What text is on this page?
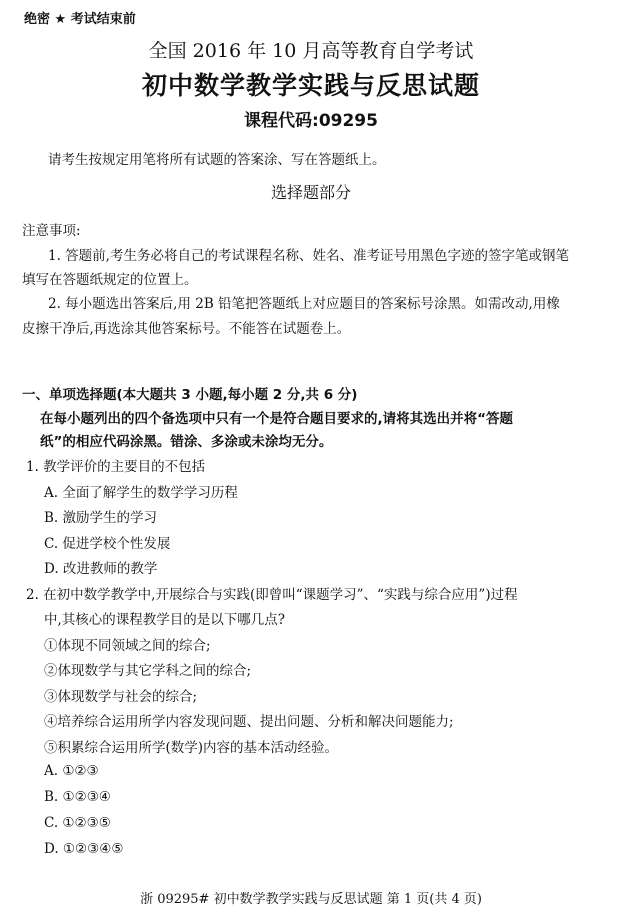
绝密 ★ 考试结束前
全国 2016 年 10 月高等教育自学考试
初中数学教学实践与反思试题
课程代码:09295
请考生按规定用笔将所有试题的答案涂、写在答题纸上。
选择题部分
注意事项:
1. 答题前,考生务必将自己的考试课程名称、姓名、准考证号用黑色字迹的签字笔或钢笔
填写在答题纸规定的位置上。
2. 每小题选出答案后,用 2B 铅笔把答题纸上对应题目的答案标号涂黑。如需改动,用橡
皮擦干净后,再选涂其他答案标号。不能答在试题卷上。
一、单项选择题(本大题共 3 小题,每小题 2 分,共 6 分)
在每小题列出的四个备选项中只有一个是符合题目要求的,请将其选出并将“答题
纸”的相应代码涂黑。错涂、多涂或未涂均无分。
1. 教学评价的主要目的不包括
A. 全面了解学生的数学学习历程
B. 激励学生的学习
C. 促进学校个性发展
D. 改进教师的教学
2. 在初中数学教学中,开展综合与实践(即曾叫“课题学习”、“实践与综合应用”)过程
中,其核心的课程教学目的是以下哪几点?
①体现不同领域之间的综合;
②体现数学与其它学科之间的综合;
③体现数学与社会的综合;
④培养综合运用所学内容发现问题、提出问题、分析和解决问题能力;
⑤积累综合运用所学(数学)内容的基本活动经验。
A. ①②③
B. ①②③④
C. ①②③⑤
D. ①②③④⑤
浙 09295# 初中数学教学实践与反思试题 第 1 页(共 4 页)
